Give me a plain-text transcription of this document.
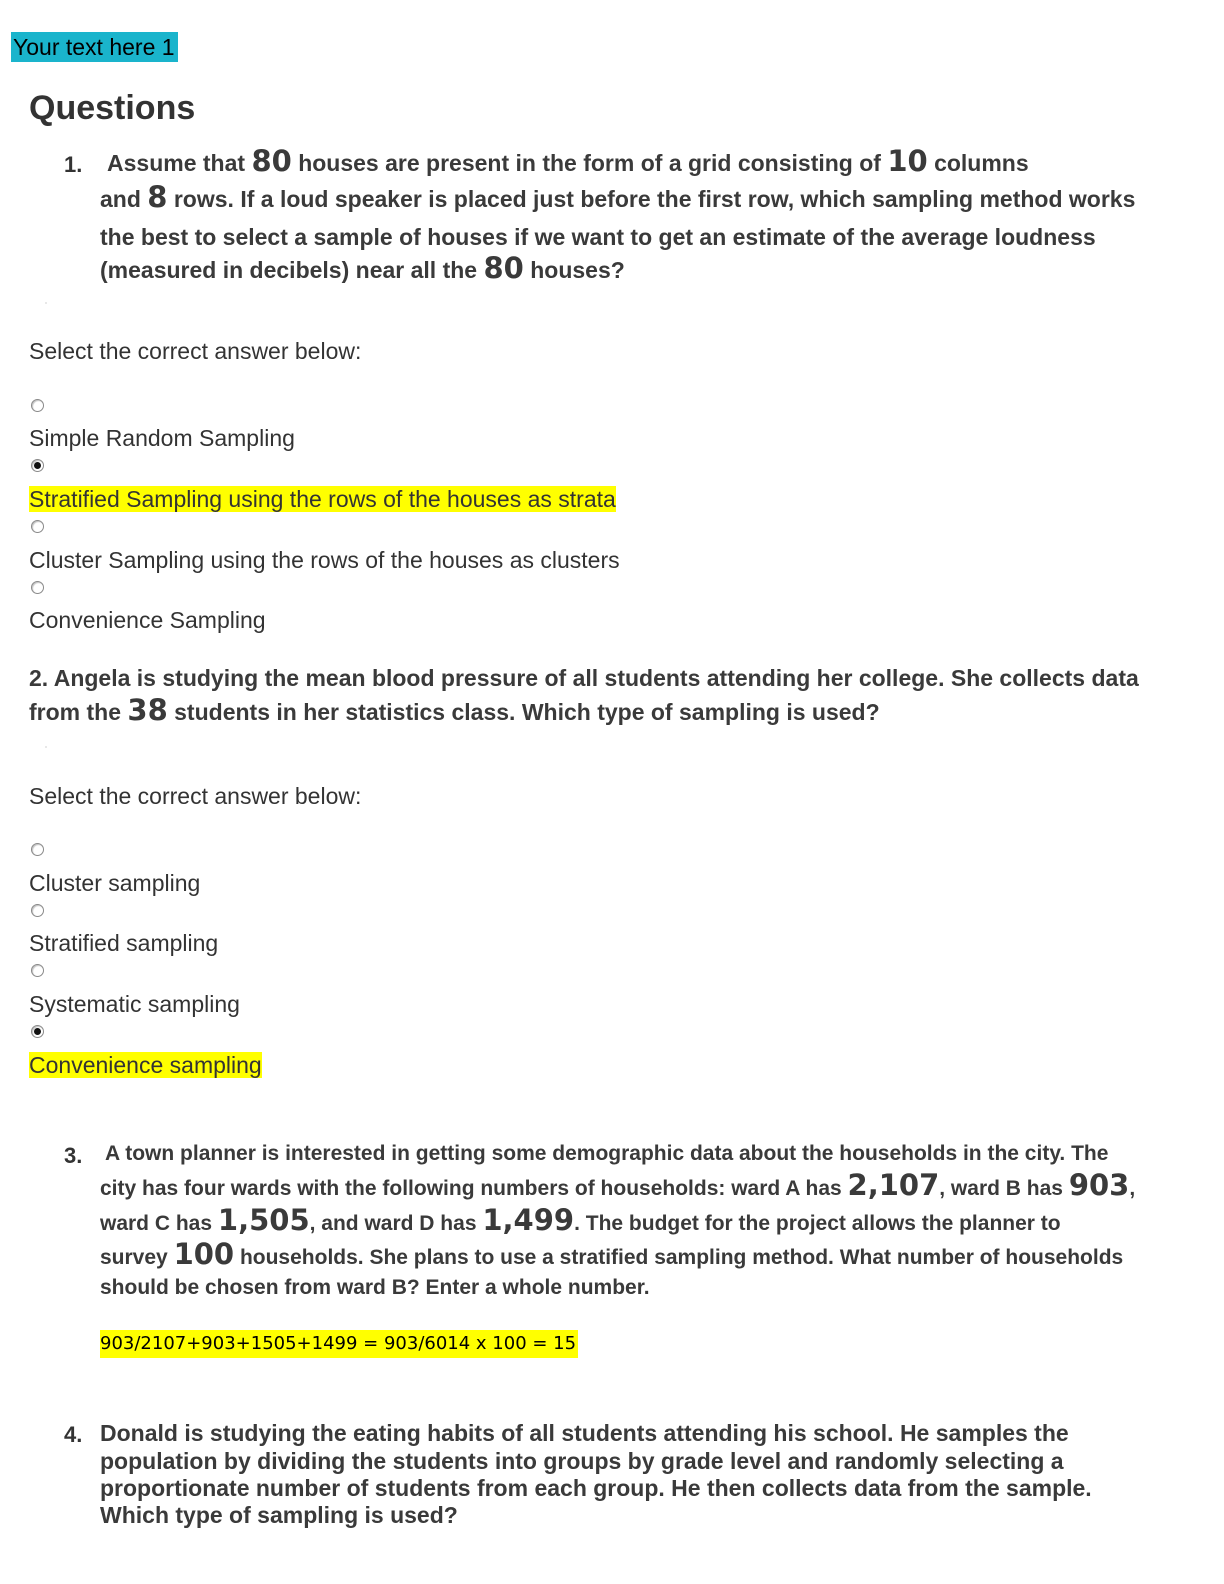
Your text here 1
Questions
1. Assume that 80 houses are present in the form of a grid consisting of 10 columns
and 8 rows. If a loud speaker is placed just before the first row, which sampling method works
the best to select a sample of houses if we want to get an estimate of the average loudness
(measured in decibels) near all the 80 houses?
Select the correct answer below:
Simple Random Sampling
Stratified Sampling using the rows of the houses as strata
Cluster Sampling using the rows of the houses as clusters
Convenience Sampling
2. Angela is studying the mean blood pressure of all students attending her college. She collects data
from the 38 students in her statistics class. Which type of sampling is used?
Select the correct answer below:
Cluster sampling
Stratified sampling
Systematic sampling
Convenience sampling
3. A town planner is interested in getting some demographic data about the households in the city. The
city has four wards with the following numbers of households: ward A has 2,107, ward B has 903,
ward C has 1,505, and ward D has 1,499. The budget for the project allows the planner to
survey 100 households. She plans to use a stratified sampling method. What number of households
should be chosen from ward B? Enter a whole number.
903/2107+903+1505+1499 = 903/6014 x 100 = 15
4. Donald is studying the eating habits of all students attending his school. He samples the
population by dividing the students into groups by grade level and randomly selecting a
proportionate number of students from each group. He then collects data from the sample.
Which type of sampling is used?
